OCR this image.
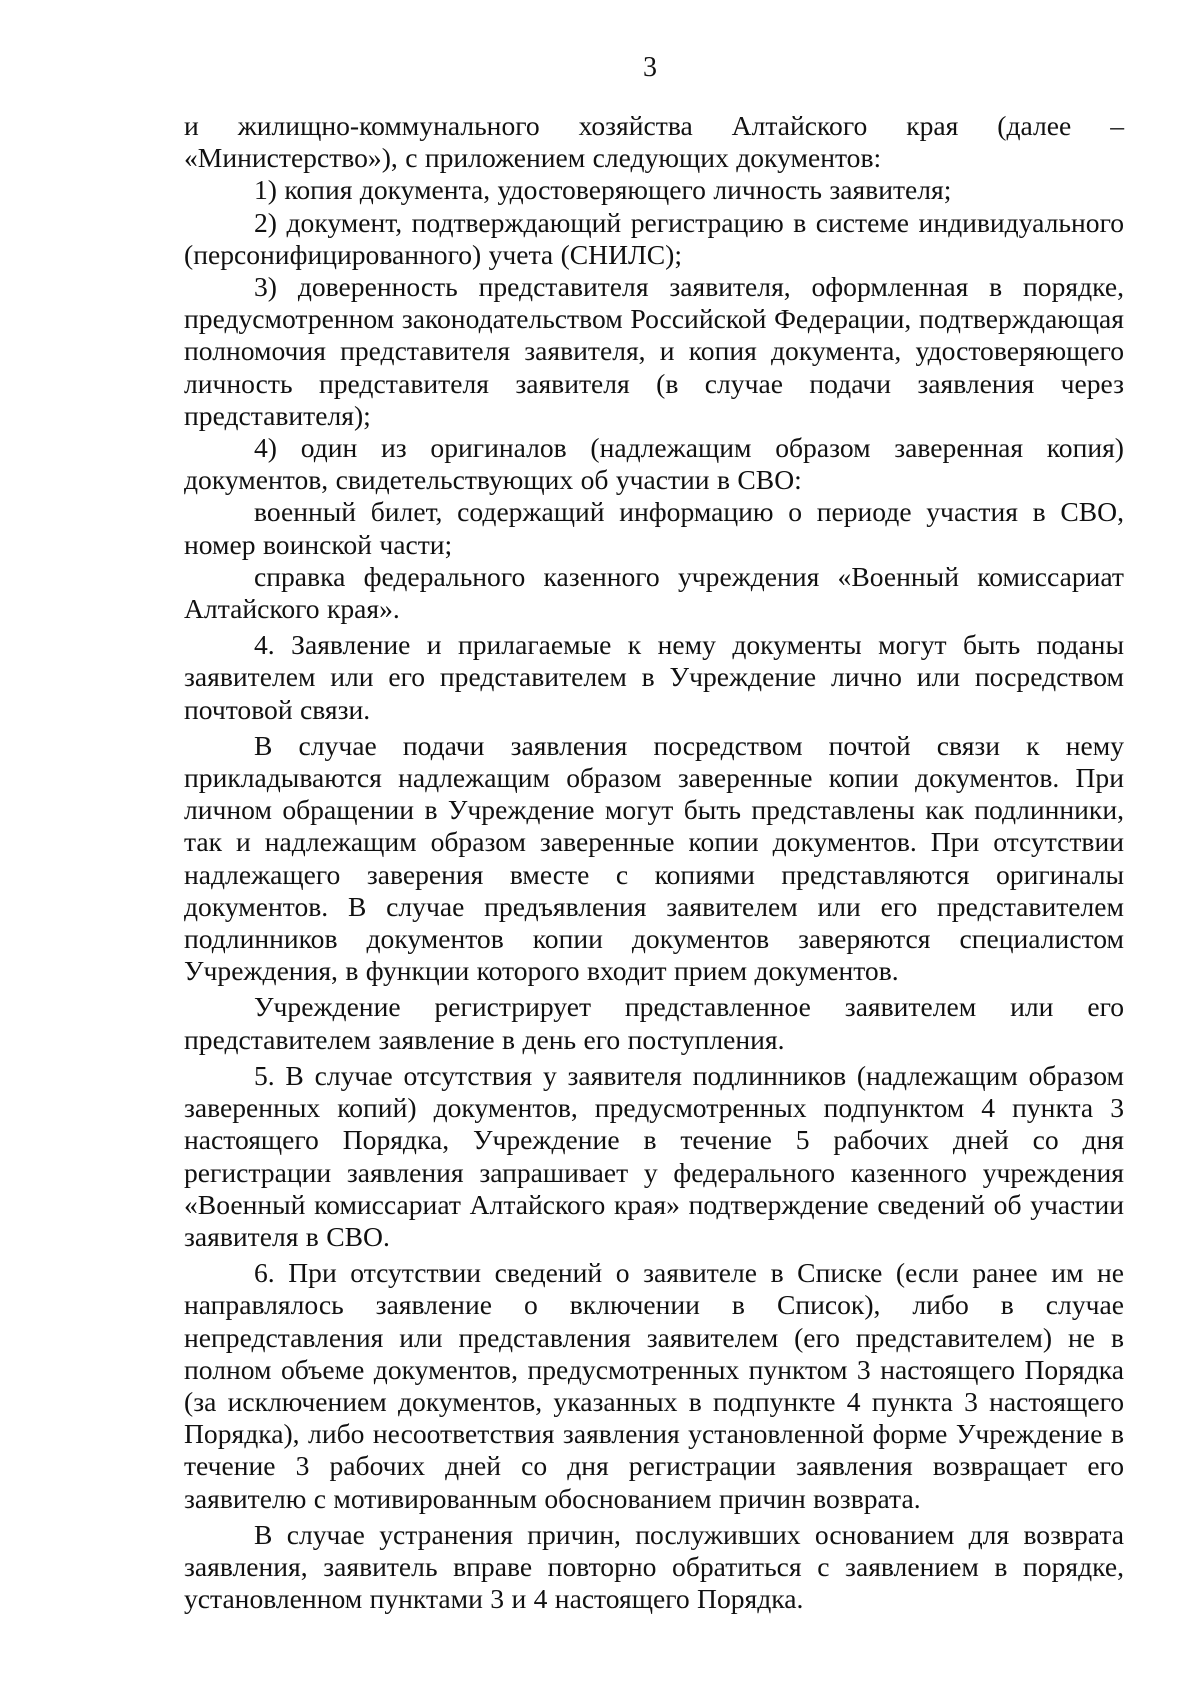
3

и жилищно-коммунального хозяйства Алтайского края (далее – «Министерство»), с приложением следующих документов:

1) копия документа, удостоверяющего личность заявителя;

2) документ, подтверждающий регистрацию в системе индивидуального (персонифицированного) учета (СНИЛС);

3) доверенность представителя заявителя, оформленная в порядке, предусмотренном законодательством Российской Федерации, подтверждающая полномочия представителя заявителя, и копия документа, удостоверяющего личность представителя заявителя (в случае подачи заявления через представителя);

4) один из оригиналов (надлежащим образом заверенная копия) документов, свидетельствующих об участии в СВО:

военный билет, содержащий информацию о периоде участия в СВО, номер воинской части;

справка федерального казенного учреждения «Военный комиссариат Алтайского края».

4. Заявление и прилагаемые к нему документы могут быть поданы заявителем или его представителем в Учреждение лично или посредством почтовой связи.

В случае подачи заявления посредством почтой связи к нему прикладываются надлежащим образом заверенные копии документов. При личном обращении в Учреждение могут быть представлены как подлинники, так и надлежащим образом заверенные копии документов. При отсутствии надлежащего заверения вместе с копиями представляются оригиналы документов. В случае предъявления заявителем или его представителем подлинников документов копии документов заверяются специалистом Учреждения, в функции которого входит прием документов.

Учреждение регистрирует представленное заявителем или его представителем заявление в день его поступления.

5. В случае отсутствия у заявителя подлинников (надлежащим образом заверенных копий) документов, предусмотренных подпунктом 4 пункта 3 настоящего Порядка, Учреждение в течение 5 рабочих дней со дня регистрации заявления запрашивает у федерального казенного учреждения «Военный комиссариат Алтайского края» подтверждение сведений об участии заявителя в СВО.

6. При отсутствии сведений о заявителе в Списке (если ранее им не направлялось заявление о включении в Список), либо в случае непредставления или представления заявителем (его представителем) не в полном объеме документов, предусмотренных пунктом 3 настоящего Порядка (за исключением документов, указанных в подпункте 4 пункта 3 настоящего Порядка), либо несоответствия заявления установленной форме Учреждение в течение 3 рабочих дней со дня регистрации заявления возвращает его заявителю с мотивированным обоснованием причин возврата.

В случае устранения причин, послуживших основанием для возврата заявления, заявитель вправе повторно обратиться с заявлением в порядке, установленном пунктами 3 и 4 настоящего Порядка.
